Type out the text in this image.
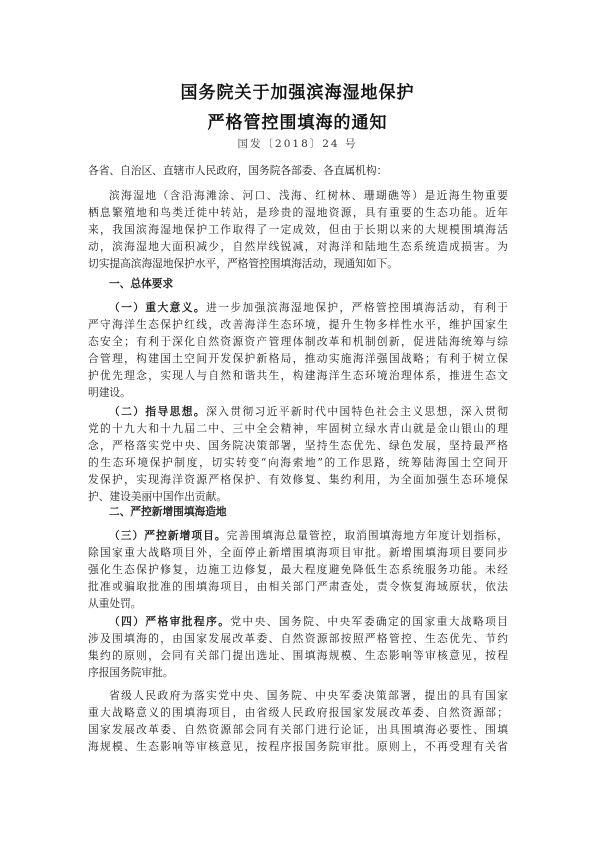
国务院关于加强滨海湿地保护
严格管控围填海的通知
国发〔2018〕24 号
各省、自治区、直辖市人民政府，国务院各部委、各直属机构：
滨海湿地（含沿海滩涂、河口、浅海、红树林、珊瑚礁等）是近海生物重要
栖息繁殖地和鸟类迁徙中转站，是珍贵的湿地资源，具有重要的生态功能。近年
来，我国滨海湿地保护工作取得了一定成效，但由于长期以来的大规模围填海活
动，滨海湿地大面积减少，自然岸线锐减，对海洋和陆地生态系统造成损害。为
切实提高滨海湿地保护水平，严格管控围填海活动，现通知如下。
一、总体要求
（一）重大意义。进一步加强滨海湿地保护，严格管控围填海活动，有利于
严守海洋生态保护红线，改善海洋生态环境，提升生物多样性水平，维护国家生
态安全；有利于深化自然资源资产管理体制改革和机制创新，促进陆海统筹与综
合管理，构建国土空间开发保护新格局，推动实施海洋强国战略；有利于树立保
护优先理念，实现人与自然和谐共生，构建海洋生态环境治理体系，推进生态文
明建设。
（二）指导思想。深入贯彻习近平新时代中国特色社会主义思想，深入贯彻
党的十九大和十九届二中、三中全会精神，牢固树立绿水青山就是金山银山的理
念，严格落实党中央、国务院决策部署，坚持生态优先、绿色发展，坚持最严格
的生态环境保护制度，切实转变“向海索地”的工作思路，统筹陆海国土空间开
发保护，实现海洋资源严格保护、有效修复、集约利用，为全面加强生态环境保
护、建设美丽中国作出贡献。
二、严控新增围填海造地
（三）严控新增项目。完善围填海总量管控，取消围填海地方年度计划指标，
除国家重大战略项目外，全面停止新增围填海项目审批。新增围填海项目要同步
强化生态保护修复，边施工边修复，最大程度避免降低生态系统服务功能。未经
批准或骗取批准的围填海项目，由相关部门严肃查处，责令恢复海域原状，依法
从重处罚。
（四）严格审批程序。党中央、国务院、中央军委确定的国家重大战略项目
涉及围填海的，由国家发展改革委、自然资源部按照严格管控、生态优先、节约
集约的原则，会同有关部门提出选址、围填海规模、生态影响等审核意见，按程
序报国务院审批。
省级人民政府为落实党中央、国务院、中央军委决策部署，提出的具有国家
重大战略意义的围填海项目，由省级人民政府报国家发展改革委、自然资源部；
国家发展改革委、自然资源部会同有关部门进行论证，出具围填海必要性、围填
海规模、生态影响等审核意见，按程序报国务院审批。原则上，不再受理有关省
